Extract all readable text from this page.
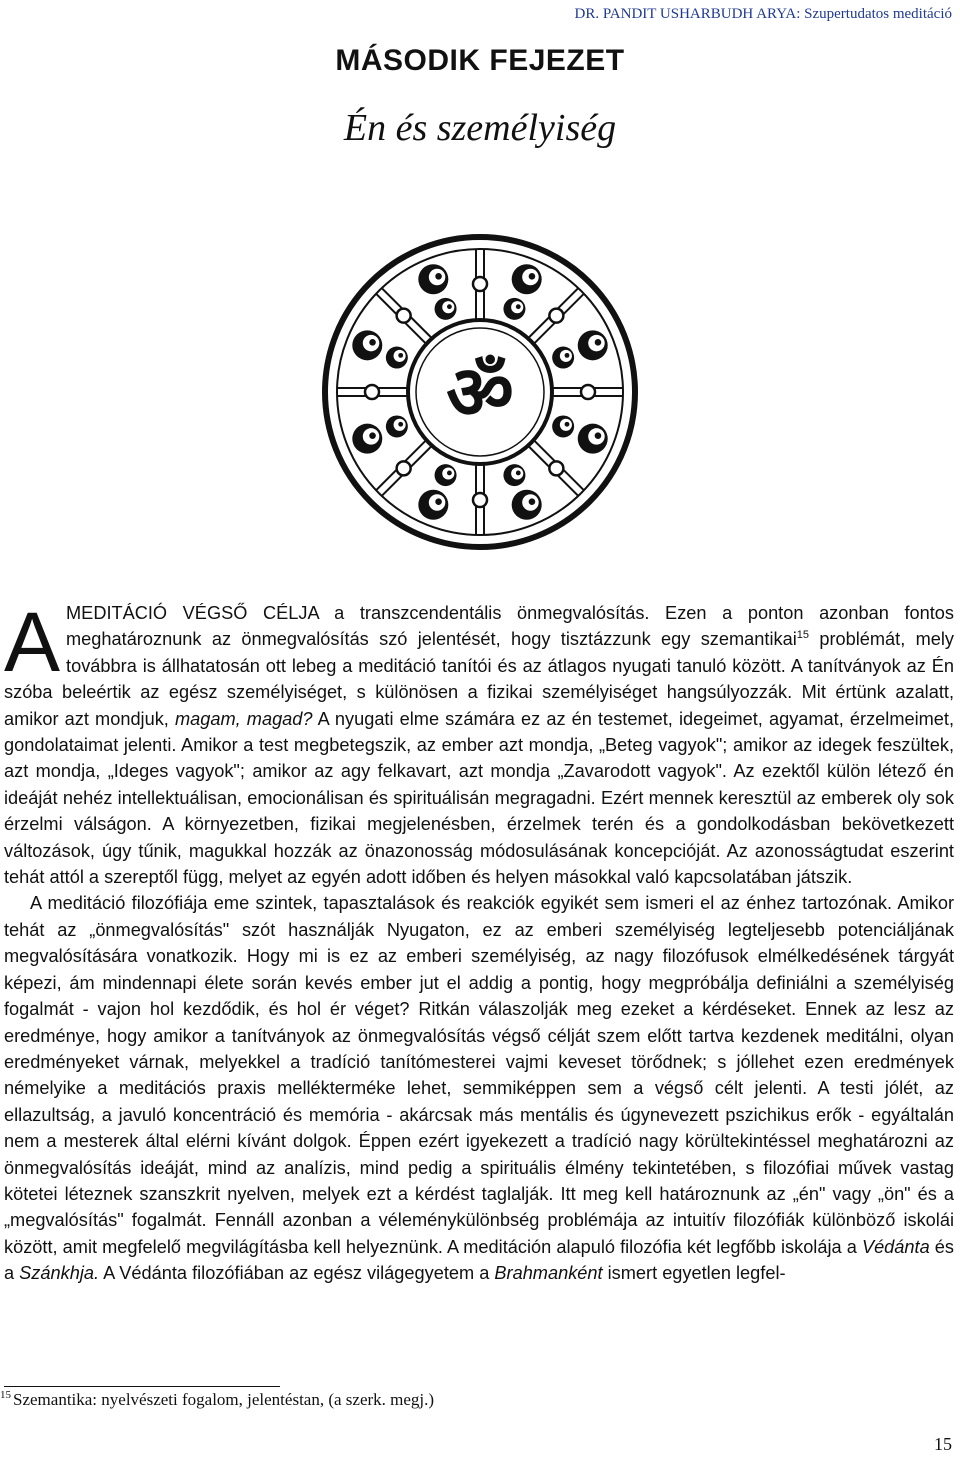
DR. PANDIT USHARBUDH ARYA: Szupertudatos meditáció
MÁSODIK FEJEZET
Én és személyiség
ॐ

AMEDITÁCIÓ VÉGSŐ CÉLJA a transzcendentális önmegvalósítás. Ezen a ponton azonban fontos meghatároznunk az önmegvalósítás szó jelentését, hogy tisztázzunk egy szemantikai$^{15}$ problémát, mely továbbra is állhatatosán ott lebeg a meditáció tanítói és az átlagos nyugati tanuló között. A tanítványok az Én szóba beleértik az egész személyiséget, s különösen a fizikai személyiséget hangsúlyozzák. Mit értünk azalatt, amikor azt mondjuk, magam, magad? A nyugati elme számára ez az én testemet, idegeimet, agyamat, érzelmeimet, gondolataimat jelenti. Amikor a test megbetegszik, az ember azt mondja, „Beteg vagyok"; amikor az idegek feszültek, azt mondja, „Ideges vagyok"; amikor az agy felkavart, azt mondja „Zavarodott vagyok". Az ezektől külön létező én ideáját nehéz intellektuálisan, emocionálisan és spirituálisán megragadni. Ezért mennek keresztül az emberek oly sok érzelmi válságon. A környezetben, fizikai megjelenésben, érzelmek terén és a gondolkodásban bekövetkezett változások, úgy tűnik, magukkal hozzák az önazonosság módosulásának koncepcióját. Az azonosságtudat eszerint tehát attól a szereptől függ, melyet az egyén adott időben és helyen másokkal való kapcsolatában játszik.

A meditáció filozófiája eme szintek, tapasztalások és reakciók egyikét sem ismeri el az énhez tartozónak. Amikor tehát az „önmegvalósítás" szót használják Nyugaton, ez az emberi személyiség legteljesebb potenciáljának megvalósítására vonatkozik. Hogy mi is ez az emberi személyiség, az nagy filozófusok elmélkedésének tárgyát képezi, ám mindennapi élete során kevés ember jut el addig a pontig, hogy megpróbálja definiálni a személyiség fogalmát - vajon hol kezdődik, és hol ér véget? Ritkán válaszolják meg ezeket a kérdéseket. Ennek az lesz az eredménye, hogy amikor a tanítványok az önmegvalósítás végső célját szem előtt tartva kezdenek meditálni, olyan eredményeket várnak, melyekkel a tradíció tanítómesterei vajmi keveset törődnek; s jóllehet ezen eredmények némelyike a meditációs praxis melléktermékе lehet, semmiképpen sem a végső célt jelenti. A testi jólét, az ellazultság, a javuló koncentráció és memória - akárcsak más mentális és úgynevezett pszichikus erők - egyáltalán nem a mesterek által elérni kívánt dolgok. Éppen ezért igyekezett a tradíció nagy körültekintéssel meghatározni az önmegvalósítás ideáját, mind az analízis, mind pedig a spirituális élmény tekintetében, s filozófiai művek vastag kötetei léteznek szanszkrit nyelven, melyek ezt a kérdést taglalják. Itt meg kell határoznunk az „én" vagy „ön" és a „megvalósítás" fogalmát. Fennáll azonban a véleménykülönbség problémája az intuitív filozófiák különböző iskolái között, amit megfelelő megvilágításba kell helyeznünk. A meditáción alapuló filozófia két legfőbb iskolája a Védánta és a Szánkhja. A Védánta filozófiában az egész világegyetem a Brahmanként ismert egyetlen legfel-

$^{15}$ Szemantika: nyelvészeti fogalom, jelentéstan, (a szerk. megj.)
15
